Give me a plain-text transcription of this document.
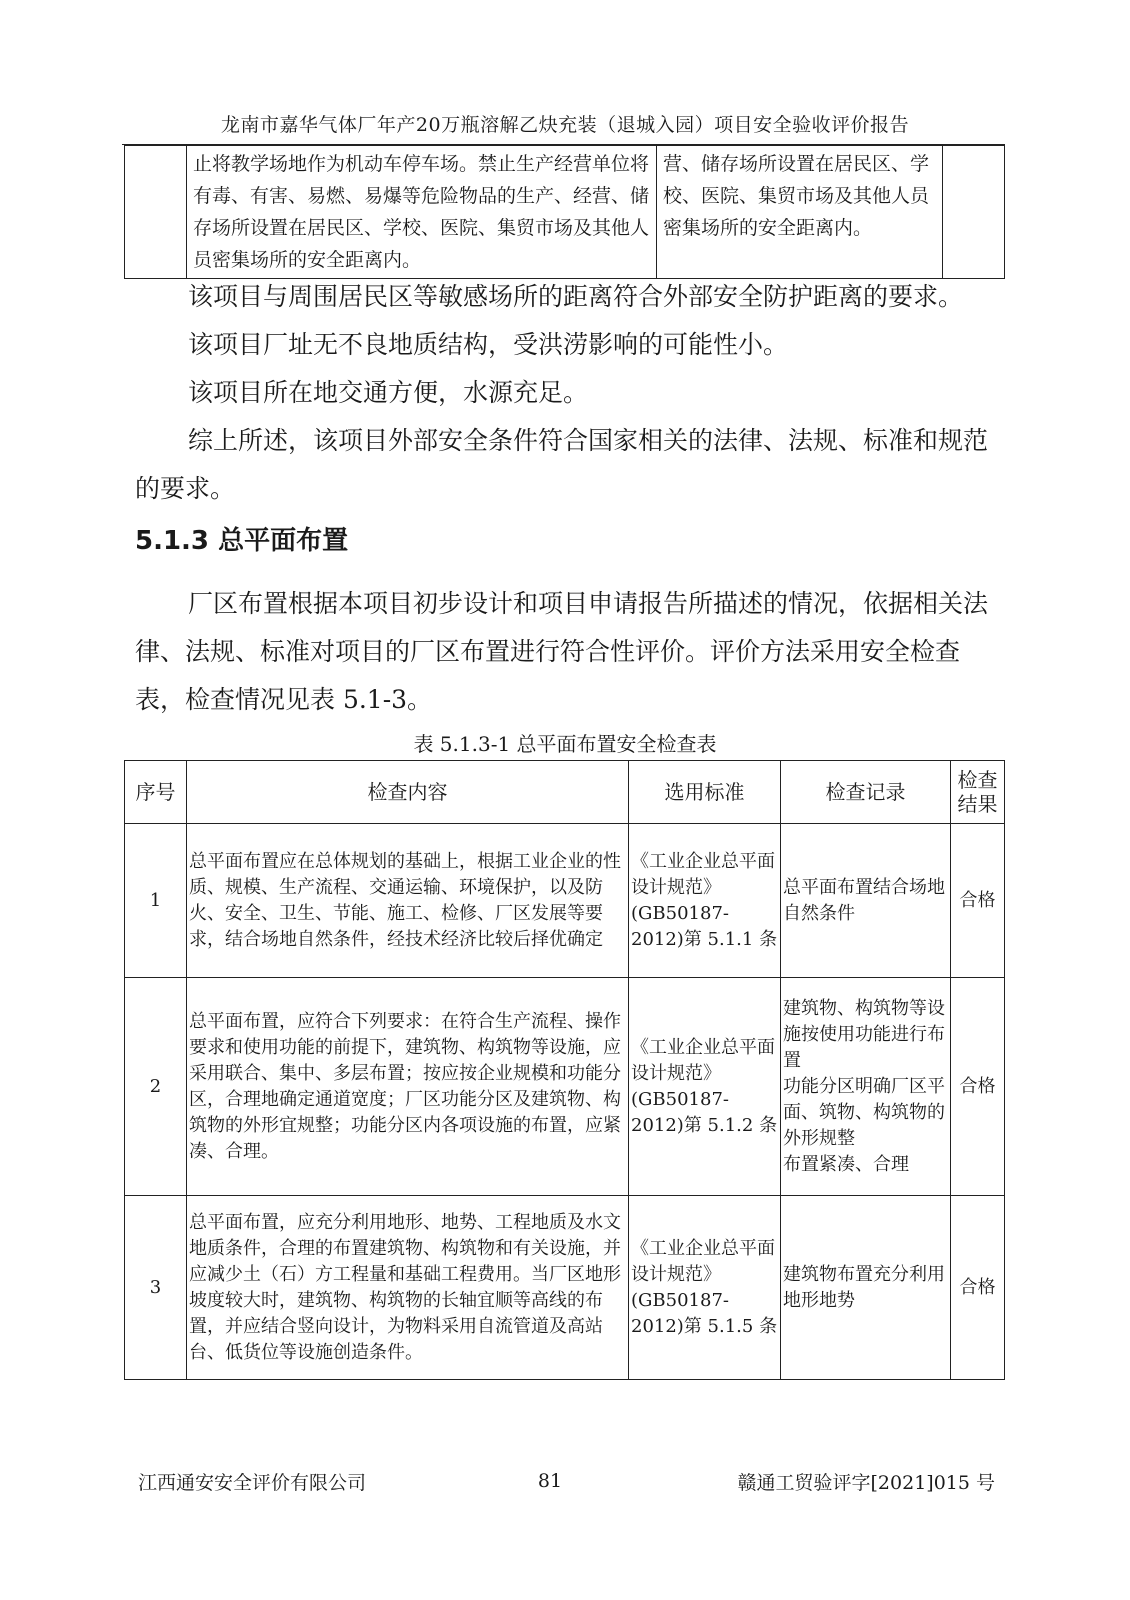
龙南市嘉华气体厂年产20万瓶溶解乙炔充装（退城入园）项目安全验收评价报告
	止将教学场地作为机动车停车场。禁止生产经营单位将有毒、有害、易燃、易爆等危险物品的生产、经营、储存场所设置在居民区、学校、医院、集贸市场及其他人员密集场所的安全距离内。	营、储存场所设置在居民区、学校、医院、集贸市场及其他人员密集场所的安全距离内。	
该项目与周围居民区等敏感场所的距离符合外部安全防护距离的要求。
该项目厂址无不良地质结构，受洪涝影响的可能性小。
该项目所在地交通方便，水源充足。
综上所述，该项目外部安全条件符合国家相关的法律、法规、标准和规范的要求。
5.1.3 总平面布置
厂区布置根据本项目初步设计和项目申请报告所描述的情况，依据相关法律、法规、标准对项目的厂区布置进行符合性评价。评价方法采用安全检查表，检查情况见表 5.1-3。
表 5.1.3-1 总平面布置安全检查表
序号	检查内容	选用标准	检查记录	检查结果
1	总平面布置应在总体规划的基础上，根据工业企业的性质、规模、生产流程、交通运输、环境保护，以及防火、安全、卫生、节能、施工、检修、厂区发展等要求，结合场地自然条件，经技术经济比较后择优确定	《工业企业总平面设计规范》(GB50187-2012)第 5.1.1 条	总平面布置结合场地自然条件	合格
2	总平面布置，应符合下列要求：在符合生产流程、操作要求和使用功能的前提下，建筑物、构筑物等设施，应采用联合、集中、多层布置；按应按企业规模和功能分区，合理地确定通道宽度；厂区功能分区及建筑物、构筑物的外形宜规整；功能分区内各项设施的布置，应紧凑、合理。	《工业企业总平面设计规范》(GB50187-2012)第 5.1.2 条	建筑物、构筑物等设施按使用功能进行布置
功能分区明确厂区平面、筑物、构筑物的外形规整
布置紧凑、合理	合格
3	总平面布置，应充分利用地形、地势、工程地质及水文地质条件，合理的布置建筑物、构筑物和有关设施，并应减少土（石）方工程量和基础工程费用。当厂区地形坡度较大时，建筑物、构筑物的长轴宜顺等高线的布置，并应结合竖向设计，为物料采用自流管道及高站台、低货位等设施创造条件。	《工业企业总平面设计规范》(GB50187-2012)第 5.1.5 条	建筑物布置充分利用地形地势	合格
江西通安安全评价有限公司	81	赣通工贸验评字[2021]015 号
